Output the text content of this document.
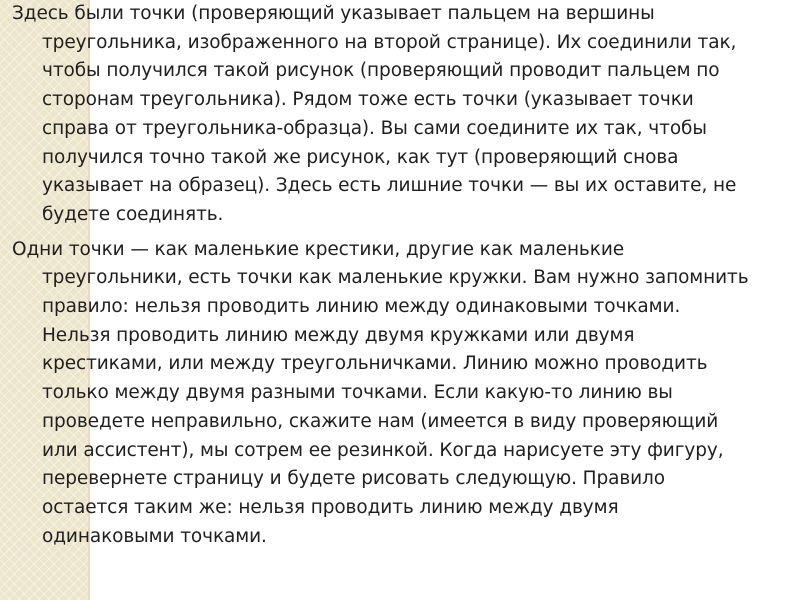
Здесь были точки (проверяющий указывает пальцем на вершины
треугольника, изображенного на второй странице). Их соединили так,
чтобы получился такой рисунок (проверяющий проводит пальцем по
сторонам треугольника). Рядом тоже есть точки (указывает точки
справа от треугольника-образца). Вы сами соедините их так, чтобы
получился точно такой же рисунок, как тут (проверяющий снова
указывает на образец). Здесь есть лишние точки — вы их оставите, не
будете соединять.

Одни точки — как маленькие крестики, другие как маленькие
треугольники, есть точки как маленькие кружки. Вам нужно запомнить
правило: нельзя проводить линию между одинаковыми точками.
Нельзя проводить линию между двумя кружками или двумя
крестиками, или между треугольничками. Линию можно проводить
только между двумя разными точками. Если какую-то линию вы
проведете неправильно, скажите нам (имеется в виду проверяющий
или ассистент), мы сотрем ее резинкой. Когда нарисуете эту фигуру,
перевернете страницу и будете рисовать следующую. Правило
остается таким же: нельзя проводить линию между двумя
одинаковыми точками.
